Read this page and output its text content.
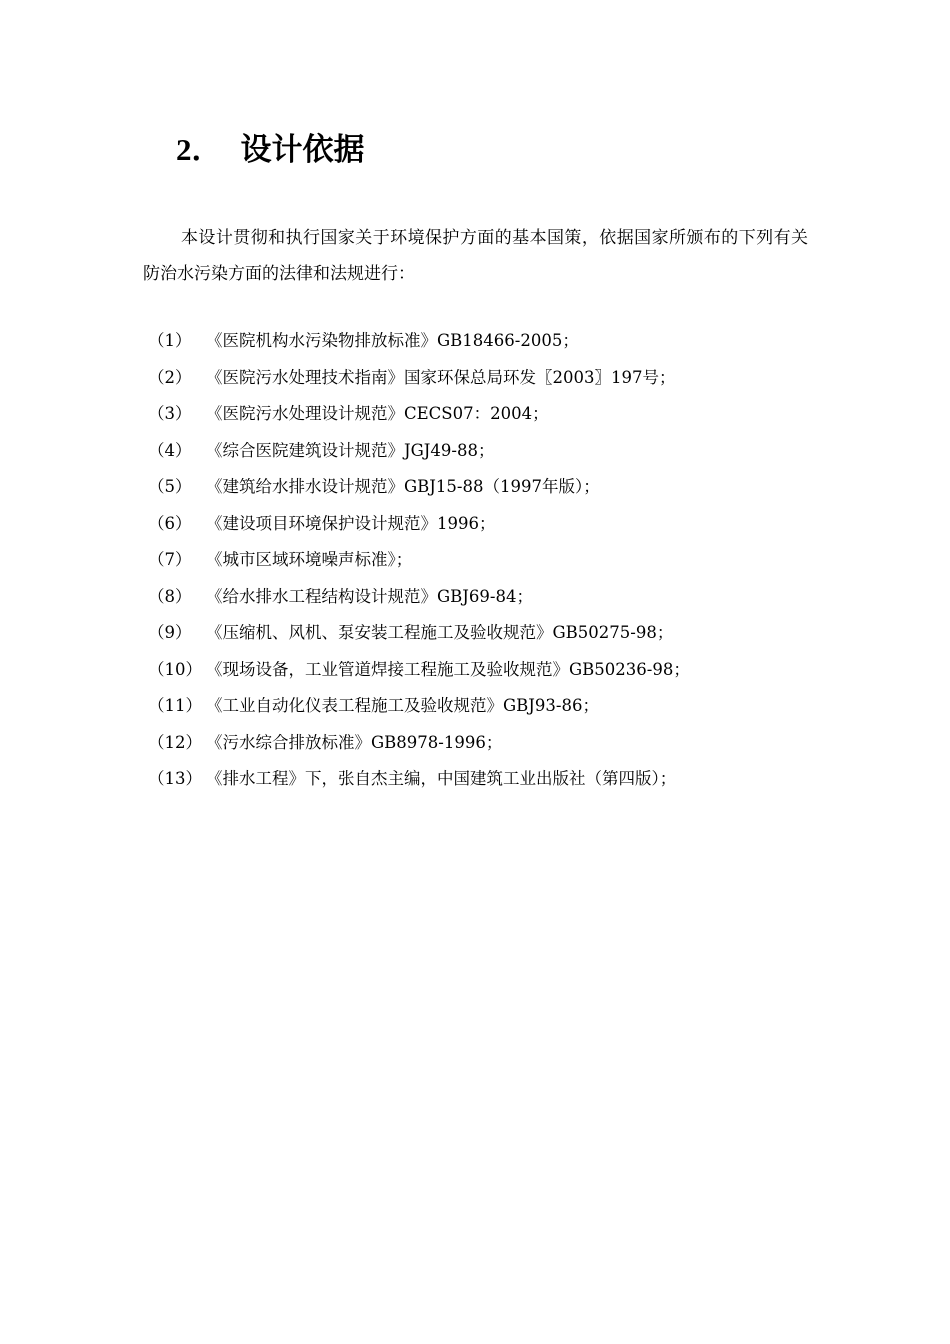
2． 设计依据

本设计贯彻和执行国家关于环境保护方面的基本国策，依据国家所颁布的下列有关防治水污染方面的法律和法规进行：

（1） 《医院机构水污染物排放标准》GB18466-2005；
（2） 《医院污水处理技术指南》国家环保总局环发〖2003〗197号；
（3） 《医院污水处理设计规范》CECS07：2004；
（4） 《综合医院建筑设计规范》JGJ49-88；
（5） 《建筑给水排水设计规范》GBJ15-88（1997年版）；
（6） 《建设项目环境保护设计规范》1996；
（7） 《城市区域环境噪声标准》；
（8） 《给水排水工程结构设计规范》GBJ69-84；
（9） 《压缩机、风机、泵安装工程施工及验收规范》GB50275-98；
（10） 《现场设备，工业管道焊接工程施工及验收规范》GB50236-98；
（11） 《工业自动化仪表工程施工及验收规范》GBJ93-86；
（12） 《污水综合排放标准》GB8978-1996；
（13） 《排水工程》下，张自杰主编，中国建筑工业出版社（第四版）；
